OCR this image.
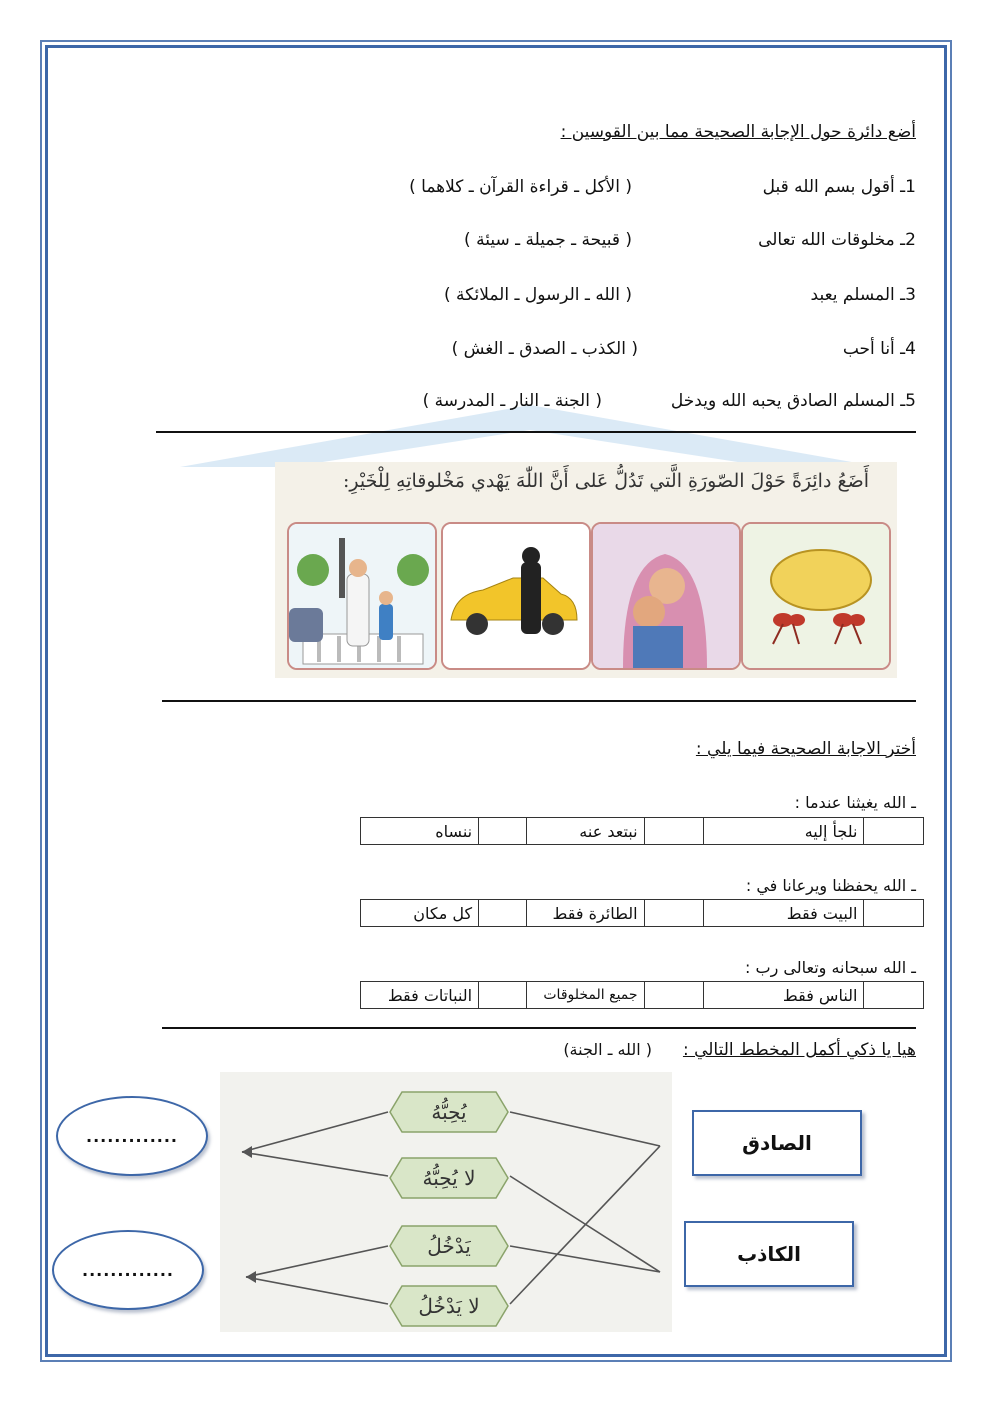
أضع دائرة حول الإجابة الصحيحة مما بين القوسين :
1ـ أقول بسم الله قبل
( الأكل ـ قراءة القرآن ـ كلاهما )
2ـ مخلوقات الله تعالى
( قبيحة ـ جميلة ـ سيئة )
3ـ المسلم يعبد
( الله ـ الرسول ـ الملائكة )
4ـ أنا أحب
( الكذب ـ الصدق ـ الغش )
5ـ المسلم الصادق يحبه الله ويدخل
( الجنة ـ النار ـ المدرسة )
أَضَعُ دائِرَةً حَوْلَ الصّورَةِ الَّتي تَدُلُّ عَلى أَنَّ اللّٰهَ يَهْدي مَخْلوقاتِهِ لِلْخَيْرِ:
أختر الاجابة الصحيحة فيما يلي :
ـ الله يغيثنا عندما :
	نلجأ إليه		نبتعد عنه		ننساه
ـ الله يحفظنا ويرعانا في :
	البيت فقط		الطائرة فقط		كل مكان
ـ الله سبحانه وتعالى رب :
	الناس فقط		جميع المخلوقات		النباتات فقط
هيا يا ذكي أكمل المخطط التالي :
( الله ـ الجنة)
يُحِبُّهُ
لا يُحِبُّهُ
يَدْخُلُ
لا يَدْخُلُ
.............
.............
الصادق
الكاذب
